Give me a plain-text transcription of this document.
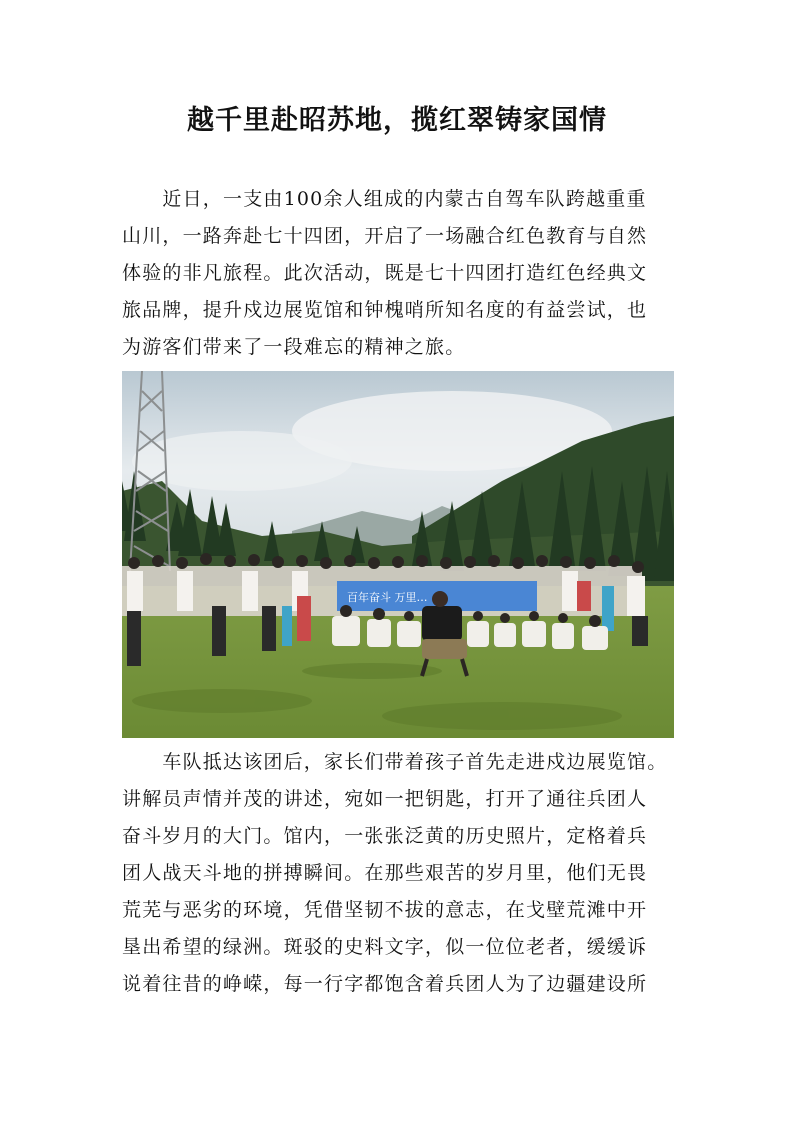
越千里赴昭苏地，揽红翠铸家国情

　　近日，一支由100余人组成的内蒙古自驾车队跨越重重
山川，一路奔赴七十四团，开启了一场融合红色教育与自然
体验的非凡旅程。此次活动，既是七十四团打造红色经典文
旅品牌，提升戍边展览馆和钟槐哨所知名度的有益尝试，也
为游客们带来了一段难忘的精神之旅。

百年奋斗 万里…

　　车队抵达该团后，家长们带着孩子首先走进戍边展览馆。
讲解员声情并茂的讲述，宛如一把钥匙，打开了通往兵团人
奋斗岁月的大门。馆内，一张张泛黄的历史照片，定格着兵
团人战天斗地的拼搏瞬间。在那些艰苦的岁月里，他们无畏
荒芜与恶劣的环境，凭借坚韧不拔的意志，在戈壁荒滩中开
垦出希望的绿洲。斑驳的史料文字，似一位位老者，缓缓诉
说着往昔的峥嵘，每一行字都饱含着兵团人为了边疆建设所
